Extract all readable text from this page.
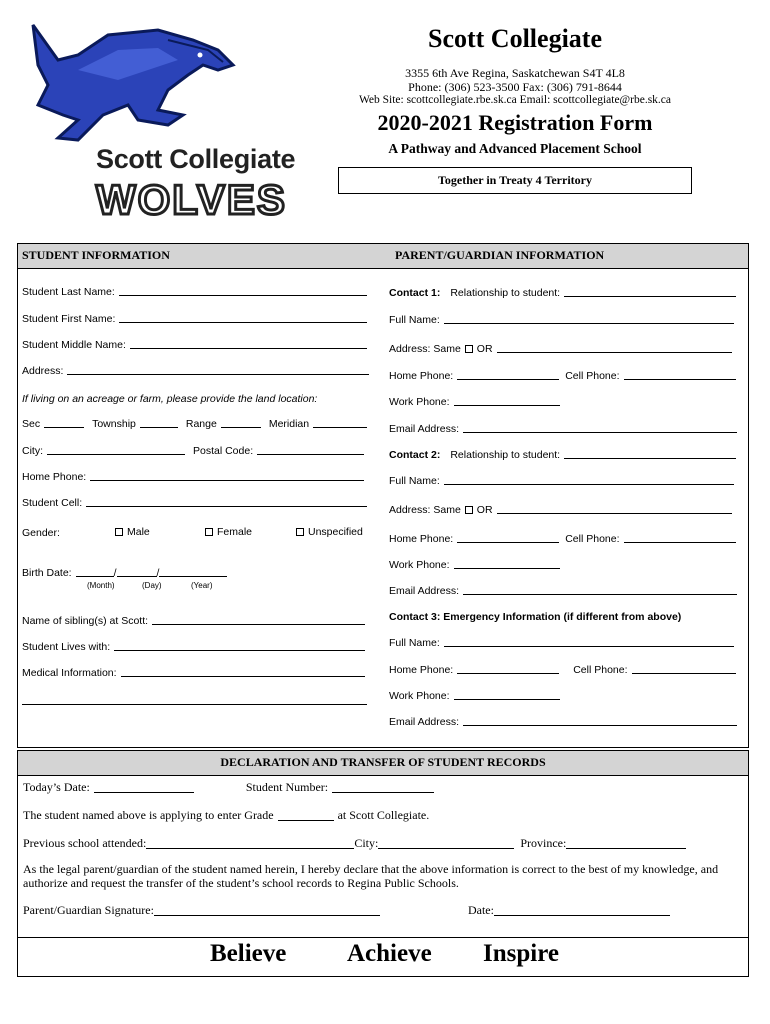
Scott Collegiate
WOLVES
Scott Collegiate
3355 6th Ave Regina, Saskatchewan S4T 4L8
Phone: (306) 523-3500 Fax: (306) 791-8644
Web Site: scottcollegiate.rbe.sk.ca Email: scottcollegiate@rbe.sk.ca
2020-2021 Registration Form
A Pathway and Advanced Placement School
Together in Treaty 4 Territory
STUDENT INFORMATION	PARENT/GUARDIAN INFORMATION
Student Last Name:
Student First Name:
Student Middle Name:
Address:
If living on an acreage or farm, please provide the land location:
Sec	Township	Range	Meridian
City:	Postal Code:
Home Phone:
Student Cell:
Gender:	Male	Female	Unspecified
Birth Date:	/	/
(Month)	(Day)	(Year)
Name of sibling(s) at Scott:
Student Lives with:
Medical Information:
Contact 1: Relationship to student:
Full Name:
Address: Same OR
Home Phone:	Cell Phone:
Work Phone:
Email Address:
Contact 2: Relationship to student:
Full Name:
Address: Same OR
Home Phone:	Cell Phone:
Work Phone:
Email Address:
Contact 3: Emergency Information (if different from above)
Full Name:
Home Phone:	Cell Phone:
Work Phone:
Email Address:
DECLARATION AND TRANSFER OF STUDENT RECORDS
Today’s Date:	Student Number:
The student named above is applying to enter Grade	at Scott Collegiate.
Previous school attended:	City:	Province:
As the legal parent/guardian of the student named herein, I hereby declare that the above information is correct to the best of my knowledge, and authorize and request the transfer of the student’s school records to Regina Public Schools.
Parent/Guardian Signature:	Date:
Believe Achieve Inspire
